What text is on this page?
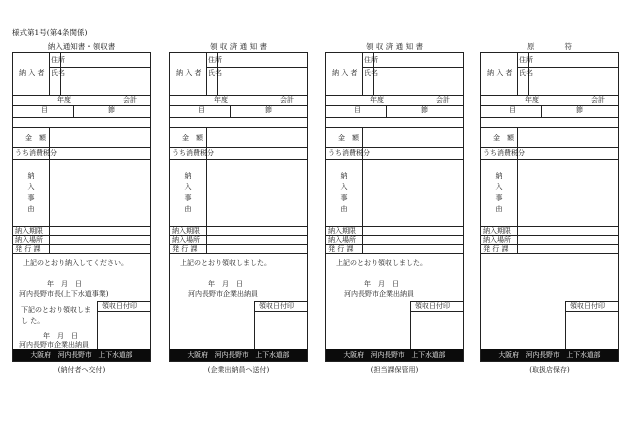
様式第1号(第4条関係)
納入通知書・領収書
納 入 者
住所
氏名
年度	会計
目	節
金　額
うち消費税分
納
入
事
由
納入期限
納入場所
発 行 課
上記のとおり納入してください。
年　月　日
河内長野市長(上下水道事業)
領収日付印
下記のとおり領収しまし た。
年　月　日
河内長野市企業出納員
大阪府　河内長野市　上下水道部
(納付者へ交付)
領 収 済 通 知 書
納 入 者
住所
氏名
年度	会計
目	節
金　額
うち消費税分
納
入
事
由
納入期限
納入場所
発 行 課
上記のとおり領収しました。
年　月　日
河内長野市企業出納員
領収日付印
大阪府　河内長野市　上下水道部
(企業出納員へ送付)
領 収 済 通 知 書
納 入 者
住所
氏名
年度	会計
目	節
金　額
うち消費税分
納
入
事
由
納入期限
納入場所
発 行 課
上記のとおり領収しました。
年　月　日
河内長野市企業出納員
領収日付印
大阪府　河内長野市　上下水道部
(担当課保管用)
原　　　　符
納 入 者
住所
氏名
年度	会計
目	節
金　額
うち消費税分
納
入
事
由
納入期限
納入場所
発 行 課
領収日付印
大阪府　河内長野市　上下水道部
(取扱店保存)
